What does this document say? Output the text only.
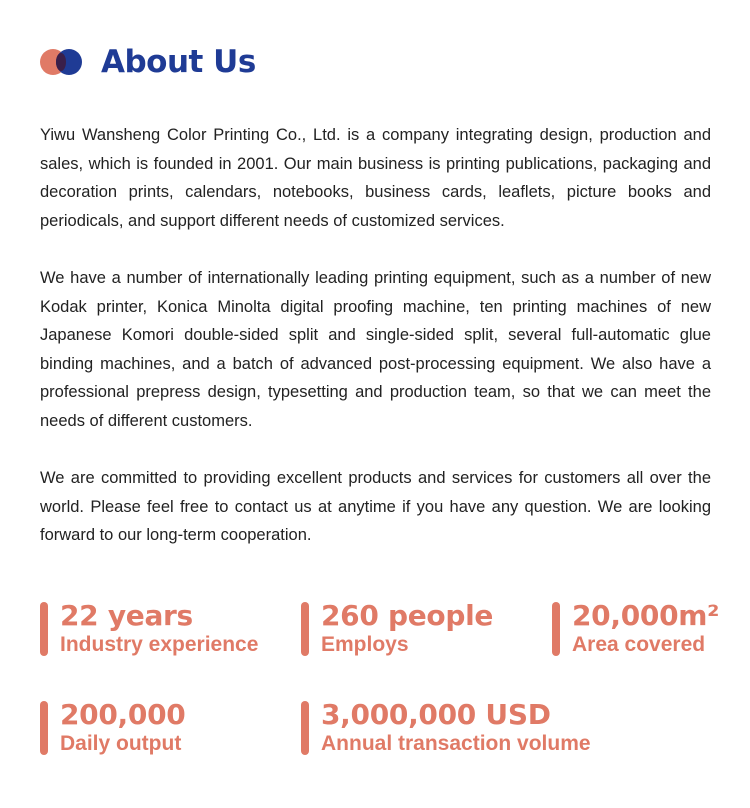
About Us

Yiwu Wansheng Color Printing Co., Ltd. is a company integrating design, production and sales, which is founded in 2001. Our main business is printing publications, packaging and decoration prints, calendars, notebooks, business cards, leaflets, picture books and periodicals, and support different needs of customized services.

We have a number of internationally leading printing equipment, such as a number of new Kodak printer, Konica Minolta digital proofing machine, ten printing machines of new Japanese Komori double-sided split and single-sided split, several full-automatic glue binding machines, and a batch of advanced post-processing equipment. We also have a professional prepress design, typesetting and production team, so that we can meet the needs of different customers.

We are committed to providing excellent products and services for customers all over the world. Please feel free to contact us at anytime if you have any question. We are looking forward to our long-term cooperation.

22 years
Industry experience
260 people
Employs
20,000m²
Area covered
200,000
Daily output
3,000,000 USD
Annual transaction volume
